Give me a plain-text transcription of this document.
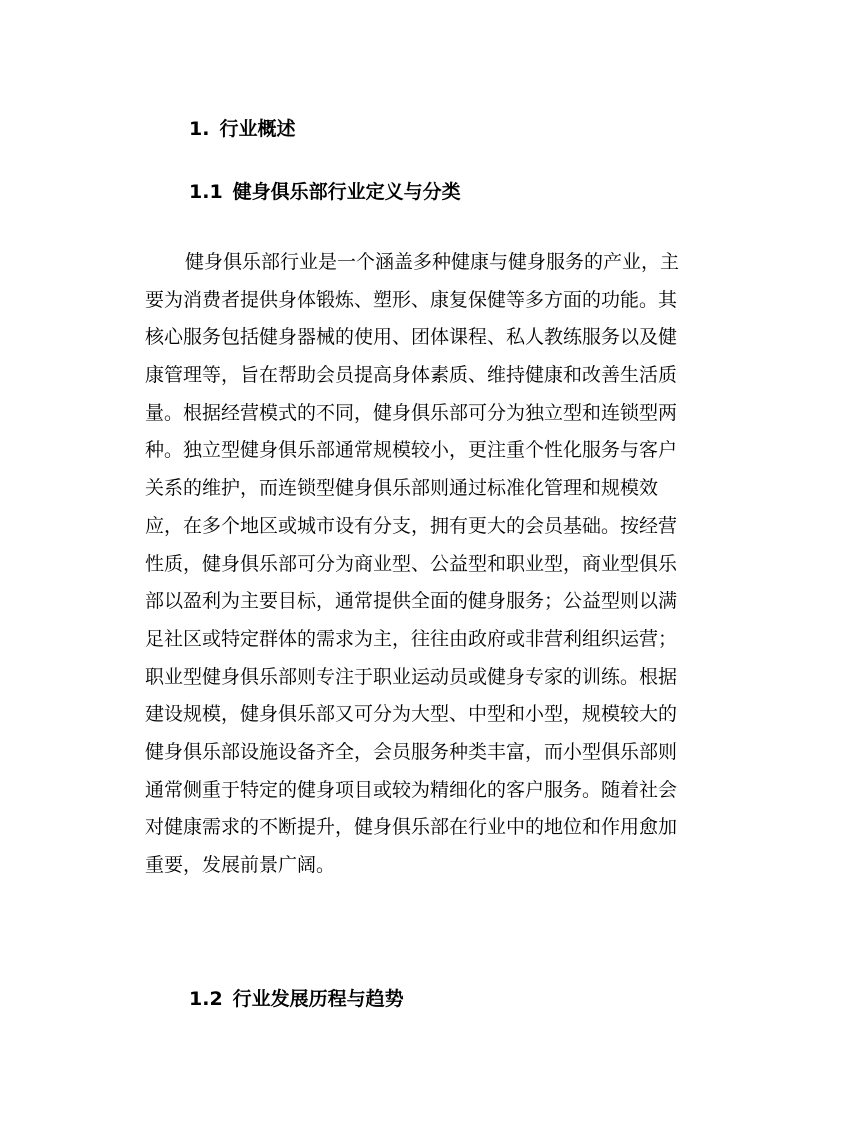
1. 行业概述
1.1 健身俱乐部行业定义与分类

健身俱乐部行业是一个涵盖多种健康与健身服务的产业，主
要为消费者提供身体锻炼、塑形、康复保健等多方面的功能。其
核心服务包括健身器械的使用、团体课程、私人教练服务以及健
康管理等，旨在帮助会员提高身体素质、维持健康和改善生活质
量。根据经营模式的不同，健身俱乐部可分为独立型和连锁型两
种。独立型健身俱乐部通常规模较小，更注重个性化服务与客户
关系的维护，而连锁型健身俱乐部则通过标准化管理和规模效
应，在多个地区或城市设有分支，拥有更大的会员基础。按经营
性质，健身俱乐部可分为商业型、公益型和职业型，商业型俱乐
部以盈利为主要目标，通常提供全面的健身服务；公益型则以满
足社区或特定群体的需求为主，往往由政府或非营利组织运营；
职业型健身俱乐部则专注于职业运动员或健身专家的训练。根据
建设规模，健身俱乐部又可分为大型、中型和小型，规模较大的
健身俱乐部设施设备齐全，会员服务种类丰富，而小型俱乐部则
通常侧重于特定的健身项目或较为精细化的客户服务。随着社会
对健康需求的不断提升，健身俱乐部在行业中的地位和作用愈加
重要，发展前景广阔。

1.2 行业发展历程与趋势
